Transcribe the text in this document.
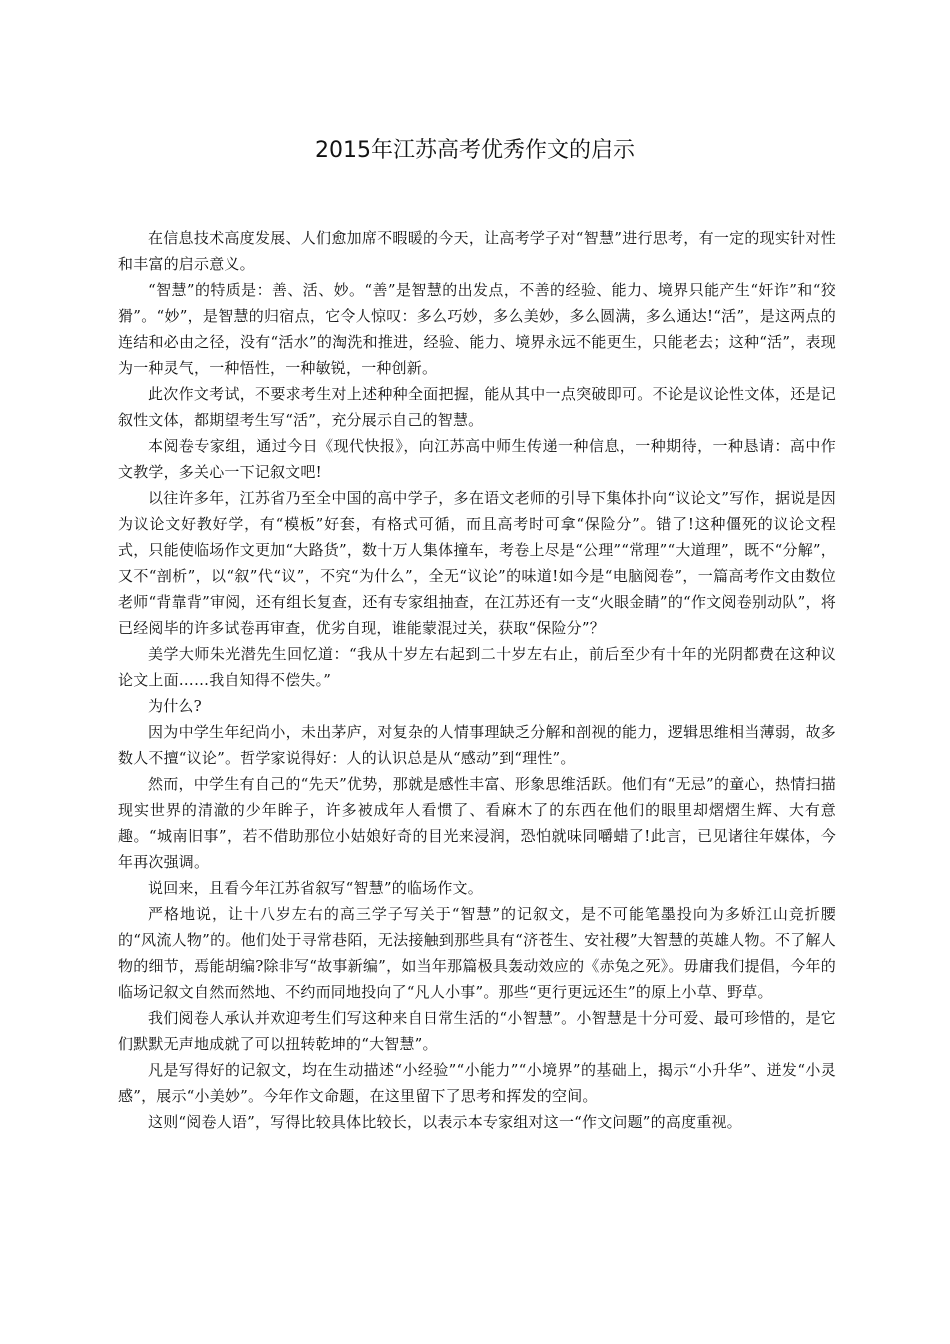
2015年江苏高考优秀作文的启示

在信息技术高度发展、人们愈加席不暇暖的今天，让高考学子对“智慧”进行思考，有一定的现实针对性和丰富的启示意义。

“智慧”的特质是：善、活、妙。“善”是智慧的出发点，不善的经验、能力、境界只能产生“奸诈”和“狡猾”。“妙”，是智慧的归宿点，它令人惊叹：多么巧妙，多么美妙，多么圆满，多么通达!“活”，是这两点的连结和必由之径，没有“活水”的淘洗和推进，经验、能力、境界永远不能更生，只能老去；这种“活”，表现为一种灵气，一种悟性，一种敏锐，一种创新。

此次作文考试，不要求考生对上述种种全面把握，能从其中一点突破即可。不论是议论性文体，还是记叙性文体，都期望考生写“活”，充分展示自己的智慧。

本阅卷专家组，通过今日《现代快报》，向江苏高中师生传递一种信息，一种期待，一种恳请：高中作文教学，多关心一下记叙文吧!

以往许多年，江苏省乃至全中国的高中学子，多在语文老师的引导下集体扑向“议论文”写作，据说是因为议论文好教好学，有“模板”好套，有格式可循，而且高考时可拿“保险分”。错了!这种僵死的议论文程式，只能使临场作文更加“大路货”，数十万人集体撞车，考卷上尽是“公理”“常理”“大道理”，既不“分解”，又不“剖析”，以“叙”代“议”，不究“为什么”，全无“议论”的味道!如今是“电脑阅卷”，一篇高考作文由数位老师“背靠背”审阅，还有组长复查，还有专家组抽查，在江苏还有一支“火眼金睛”的“作文阅卷别动队”，将已经阅毕的许多试卷再审查，优劣自现，谁能蒙混过关，获取“保险分”？

美学大师朱光潜先生回忆道：“我从十岁左右起到二十岁左右止，前后至少有十年的光阴都费在这种议论文上面……我自知得不偿失。”

为什么?

因为中学生年纪尚小，未出茅庐，对复杂的人情事理缺乏分解和剖视的能力，逻辑思维相当薄弱，故多数人不擅“议论”。哲学家说得好：人的认识总是从“感动”到“理性”。

然而，中学生有自己的“先天”优势，那就是感性丰富、形象思维活跃。他们有“无忌”的童心，热情扫描现实世界的清澈的少年眸子，许多被成年人看惯了、看麻木了的东西在他们的眼里却熠熠生辉、大有意趣。“城南旧事”，若不借助那位小姑娘好奇的目光来浸润，恐怕就味同嚼蜡了!此言，已见诸往年媒体，今年再次强调。

说回来，且看今年江苏省叙写“智慧”的临场作文。

严格地说，让十八岁左右的高三学子写关于“智慧”的记叙文，是不可能笔墨投向为多娇江山竞折腰的“风流人物”的。他们处于寻常巷陌，无法接触到那些具有“济苍生、安社稷”大智慧的英雄人物。不了解人物的细节，焉能胡编?除非写“故事新编”，如当年那篇极具轰动效应的《赤兔之死》。毋庸我们提倡，今年的临场记叙文自然而然地、不约而同地投向了“凡人小事”。那些“更行更远还生”的原上小草、野草。

我们阅卷人承认并欢迎考生们写这种来自日常生活的“小智慧”。小智慧是十分可爱、最可珍惜的，是它们默默无声地成就了可以扭转乾坤的“大智慧”。

凡是写得好的记叙文，均在生动描述“小经验”“小能力”“小境界”的基础上，揭示“小升华”、迸发“小灵感”，展示“小美妙”。今年作文命题，在这里留下了思考和挥发的空间。

这则“阅卷人语”，写得比较具体比较长，以表示本专家组对这一“作文问题”的高度重视。
